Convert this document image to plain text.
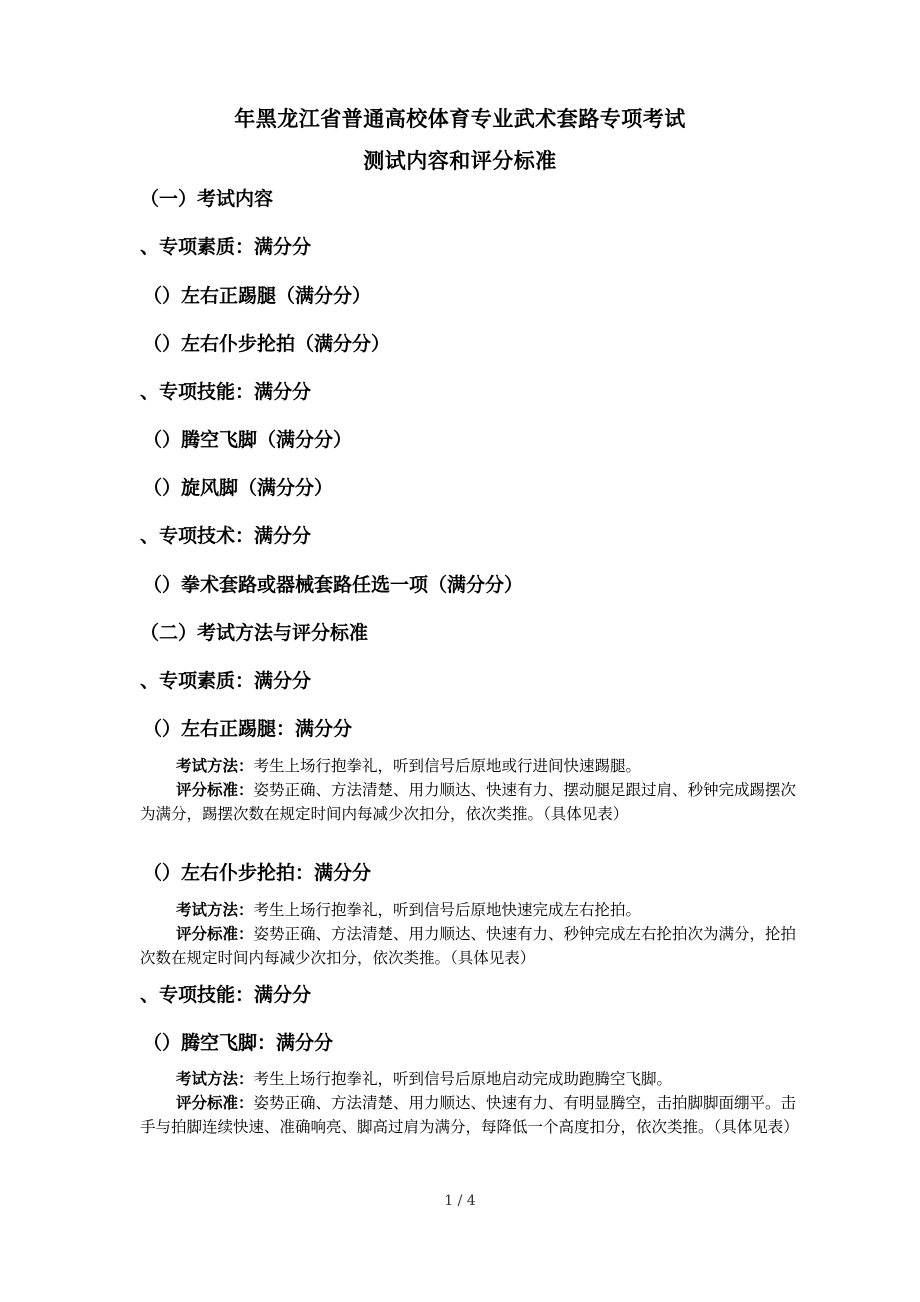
年黑龙江省普通高校体育专业武术套路专项考试
测试内容和评分标准
（一）考试内容
、专项素质：满分分
（）左右正踢腿（满分分）
（）左右仆步抡拍（满分分）
、专项技能：满分分
（）腾空飞脚（满分分）
（）旋风脚（满分分）
、专项技术：满分分
（）拳术套路或器械套路任选一项（满分分）
（二）考试方法与评分标准
、专项素质：满分分
（）左右正踢腿：满分分
考试方法：考生上场行抱拳礼，听到信号后原地或行进间快速踢腿。
评分标准：姿势正确、方法清楚、用力顺达、快速有力、摆动腿足跟过肩、秒钟完成踢摆次为满分，踢摆次数在规定时间内每减少次扣分，依次类推。（具体见表）
（）左右仆步抡拍：满分分
考试方法：考生上场行抱拳礼，听到信号后原地快速完成左右抡拍。
评分标准：姿势正确、方法清楚、用力顺达、快速有力、秒钟完成左右抡拍次为满分，抡拍次数在规定时间内每减少次扣分，依次类推。（具体见表）
、专项技能：满分分
（）腾空飞脚：满分分
考试方法：考生上场行抱拳礼，听到信号后原地启动完成助跑腾空飞脚。
评分标准：姿势正确、方法清楚、用力顺达、快速有力、有明显腾空，击拍脚脚面绷平。击手与拍脚连续快速、准确响亮、脚高过肩为满分，每降低一个高度扣分，依次类推。（具体见表）
1 / 4
